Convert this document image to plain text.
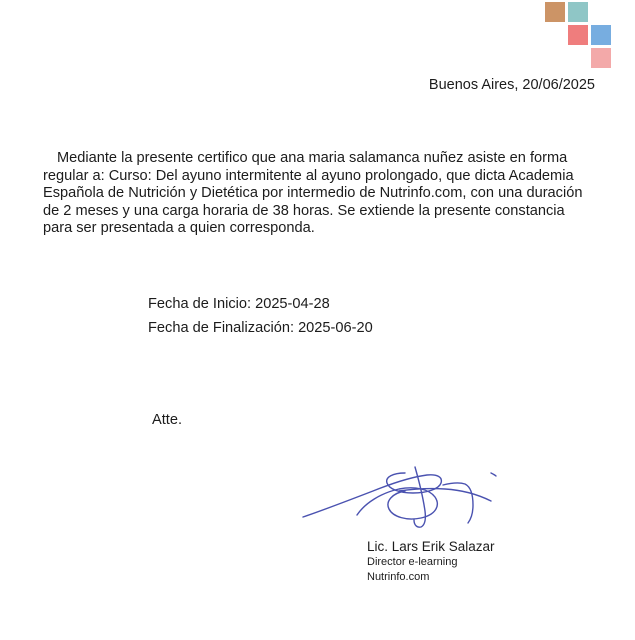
Buenos Aires, 20/06/2025
Mediante la presente certifico que ana maria salamanca nuñez asiste en forma regular a: Curso: Del ayuno intermitente al ayuno prolongado, que dicta Academia Española de Nutrición y Dietética por intermedio de Nutrinfo.com, con una duración de 2 meses y una carga horaria de 38 horas. Se extiende la presente constancia para ser presentada a quien corresponda.
Fecha de Inicio: 2025-04-28
Fecha de Finalización: 2025-06-20
Atte.
Lic. Lars Erik Salazar
Director e-learning
Nutrinfo.com
